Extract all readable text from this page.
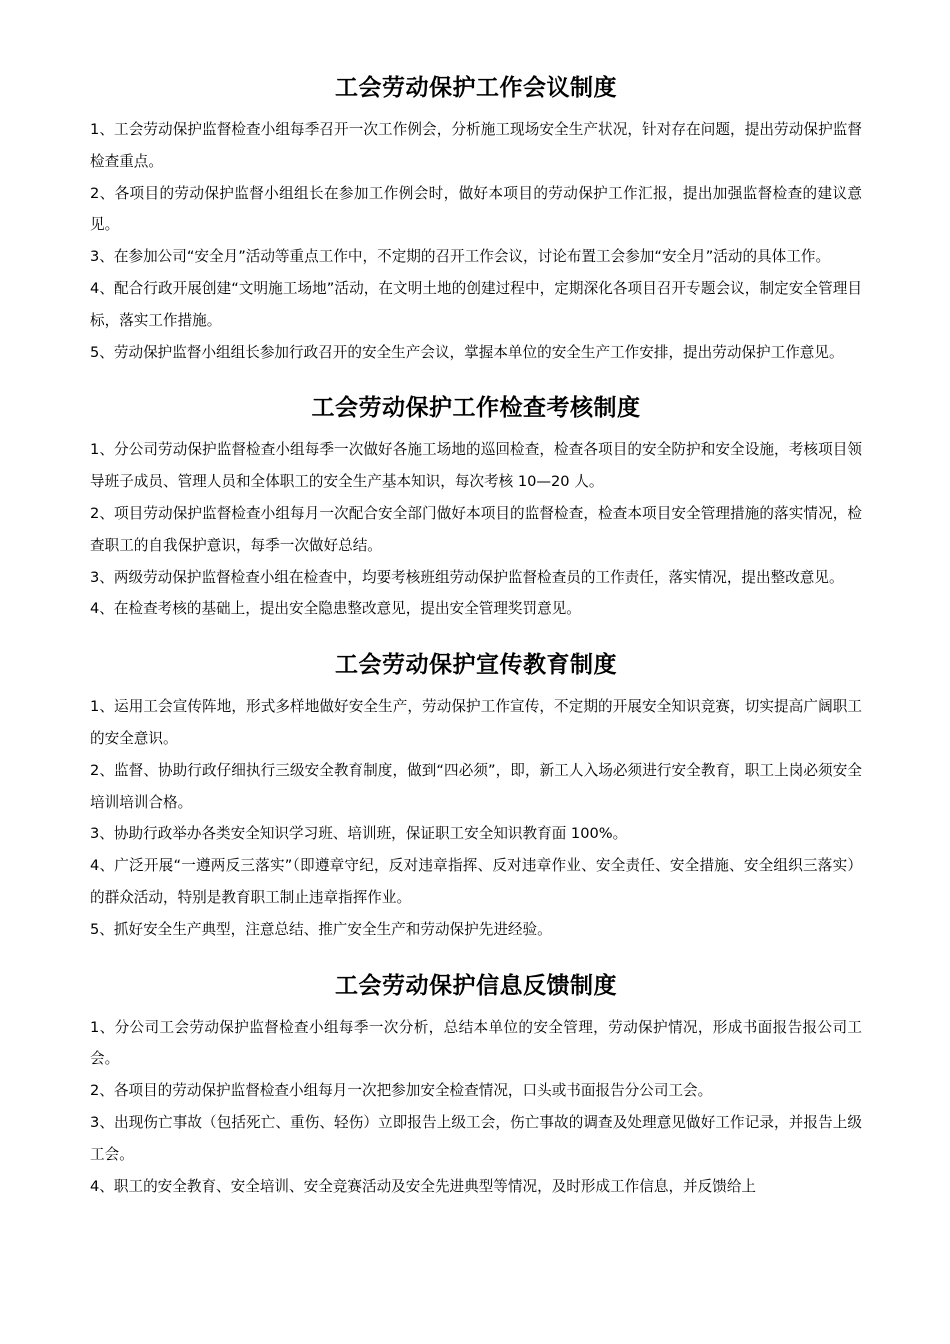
工会劳动保护工作会议制度

1、工会劳动保护监督检查小组每季召开一次工作例会，分析施工现场安全生产状况，针对存在问题，提出劳动保护监督检查重点。

2、各项目的劳动保护监督小组组长在参加工作例会时，做好本项目的劳动保护工作汇报，提出加强监督检查的建议意见。

3、在参加公司“安全月”活动等重点工作中，不定期的召开工作会议，讨论布置工会参加“安全月”活动的具体工作。

4、配合行政开展创建“文明施工场地”活动，在文明土地的创建过程中，定期深化各项目召开专题会议，制定安全管理目标，落实工作措施。

5、劳动保护监督小组组长参加行政召开的安全生产会议，掌握本单位的安全生产工作安排，提出劳动保护工作意见。

工会劳动保护工作检查考核制度

1、分公司劳动保护监督检查小组每季一次做好各施工场地的巡回检查，检查各项目的安全防护和安全设施，考核项目领导班子成员、管理人员和全体职工的安全生产基本知识，每次考核 10—20 人。

2、项目劳动保护监督检查小组每月一次配合安全部门做好本项目的监督检查，检查本项目安全管理措施的落实情况，检查职工的自我保护意识，每季一次做好总结。

3、两级劳动保护监督检查小组在检查中，均要考核班组劳动保护监督检查员的工作责任，落实情况，提出整改意见。

4、在检查考核的基础上，提出安全隐患整改意见，提出安全管理奖罚意见。

工会劳动保护宣传教育制度

1、运用工会宣传阵地，形式多样地做好安全生产，劳动保护工作宣传，不定期的开展安全知识竞赛，切实提高广阔职工的安全意识。

2、监督、协助行政仔细执行三级安全教育制度，做到“四必须”，即，新工人入场必须进行安全教育，职工上岗必须安全培训培训合格。

3、协助行政举办各类安全知识学习班、培训班，保证职工安全知识教育面 100%。

4、广泛开展“一遵两反三落实”（即遵章守纪，反对违章指挥、反对违章作业、安全责任、安全措施、安全组织三落实）的群众活动，特别是教育职工制止违章指挥作业。

5、抓好安全生产典型，注意总结、推广安全生产和劳动保护先进经验。

工会劳动保护信息反馈制度

1、分公司工会劳动保护监督检查小组每季一次分析，总结本单位的安全管理，劳动保护情况，形成书面报告报公司工会。

2、各项目的劳动保护监督检查小组每月一次把参加安全检查情况，口头或书面报告分公司工会。

3、出现伤亡事故（包括死亡、重伤、轻伤）立即报告上级工会，伤亡事故的调查及处理意见做好工作记录，并报告上级工会。

4、职工的安全教育、安全培训、安全竞赛活动及安全先进典型等情况，及时形成工作信息，并反馈给上
